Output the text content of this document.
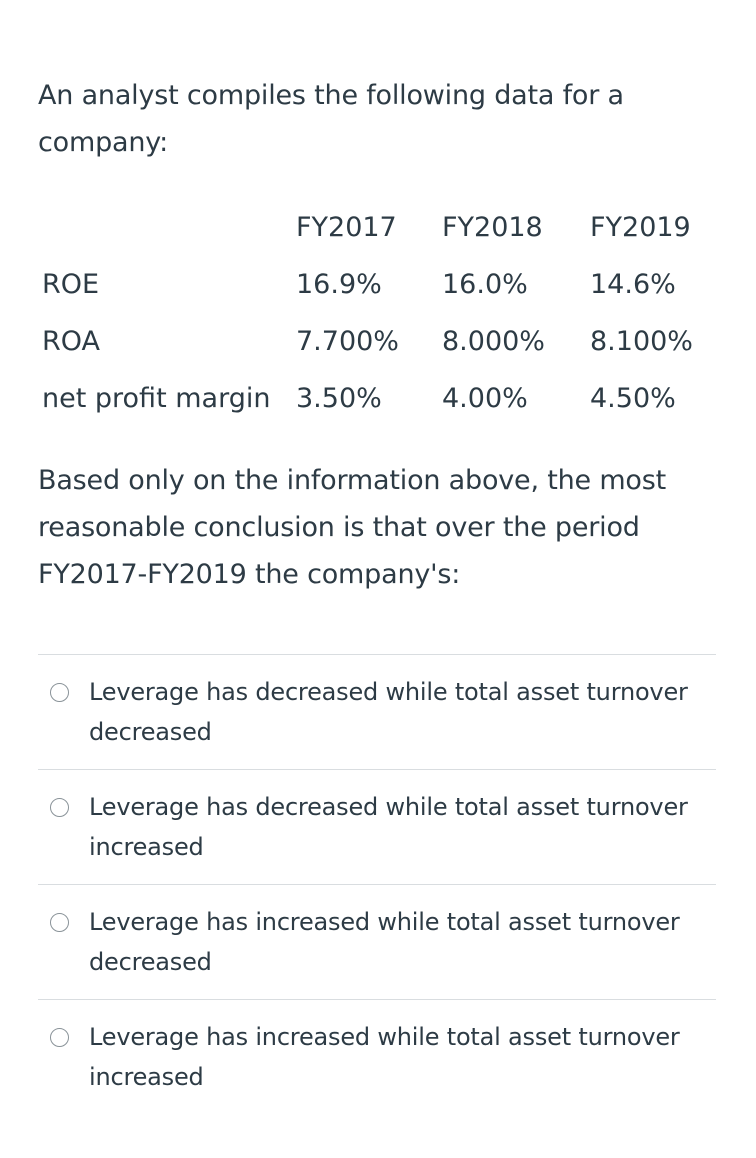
An analyst compiles the following data for a company:

	FY2017	FY2018	FY2019
ROE	16.9%	16.0%	14.6%
ROA	7.700%	8.000%	8.100%
net profit margin	3.50%	4.00%	4.50%

Based only on the information above, the most reasonable conclusion is that over the period FY2017-FY2019 the company's:

Leverage has decreased while total asset turnover decreased
Leverage has decreased while total asset turnover increased
Leverage has increased while total asset turnover decreased
Leverage has increased while total asset turnover increased
